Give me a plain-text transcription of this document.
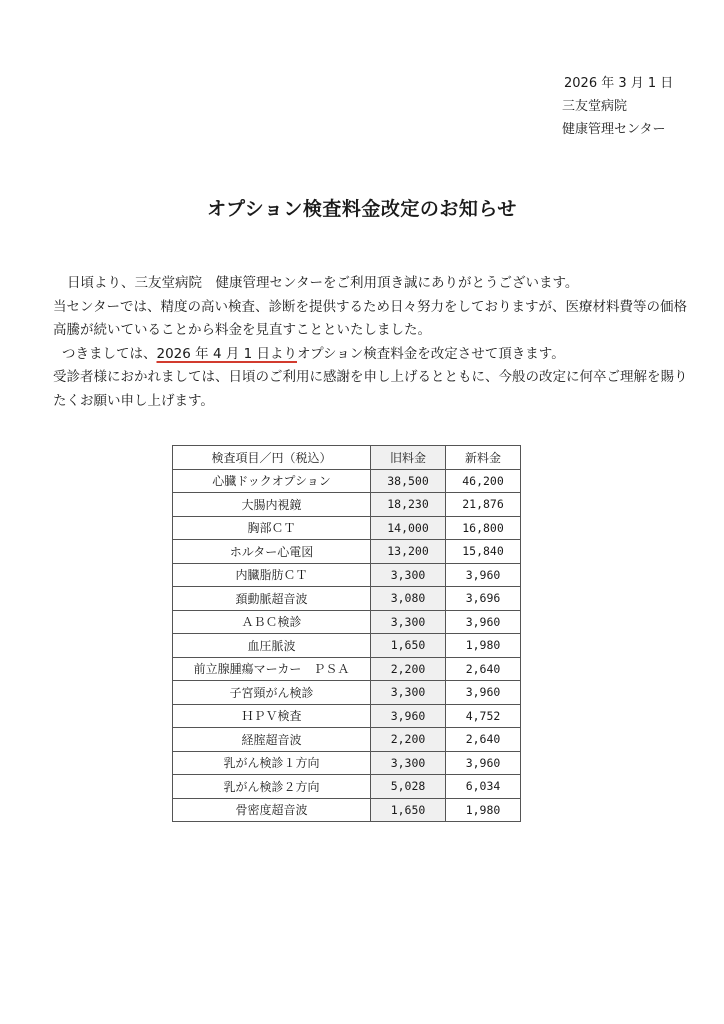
2026 年 3 月 1 日
三友堂病院
健康管理センター
オプション検査料金改定のお知らせ

日頃より、三友堂病院　健康管理センターをご利用頂き誠にありがとうございます。

当センターでは、精度の高い検査、診断を提供するため日々努力をしておりますが、医療材料費等の価格

高騰が続いていることから料金を見直すことといたしました。

つきましては、2026 年 4 月 1 日よりオプション検査料金を改定させて頂きます。

受診者様におかれましては、日頃のご利用に感謝を申し上げるとともに、今般の改定に何卒ご理解を賜り

たくお願い申し上げます。

検査項目／円（税込）	旧料金	新料金
心臓ドックオプション	38,500	46,200
大腸内視鏡	18,230	21,876
胸部ＣＴ	14,000	16,800
ホルター心電図	13,200	15,840
内臓脂肪ＣＴ	3,300	3,960
頚動脈超音波	3,080	3,696
ＡＢＣ検診	3,300	3,960
血圧脈波	1,650	1,980
前立腺腫瘍マーカー　ＰＳＡ	2,200	2,640
子宮頸がん検診	3,300	3,960
ＨＰＶ検査	3,960	4,752
経腟超音波	2,200	2,640
乳がん検診１方向	3,300	3,960
乳がん検診２方向	5,028	6,034
骨密度超音波	1,650	1,980
